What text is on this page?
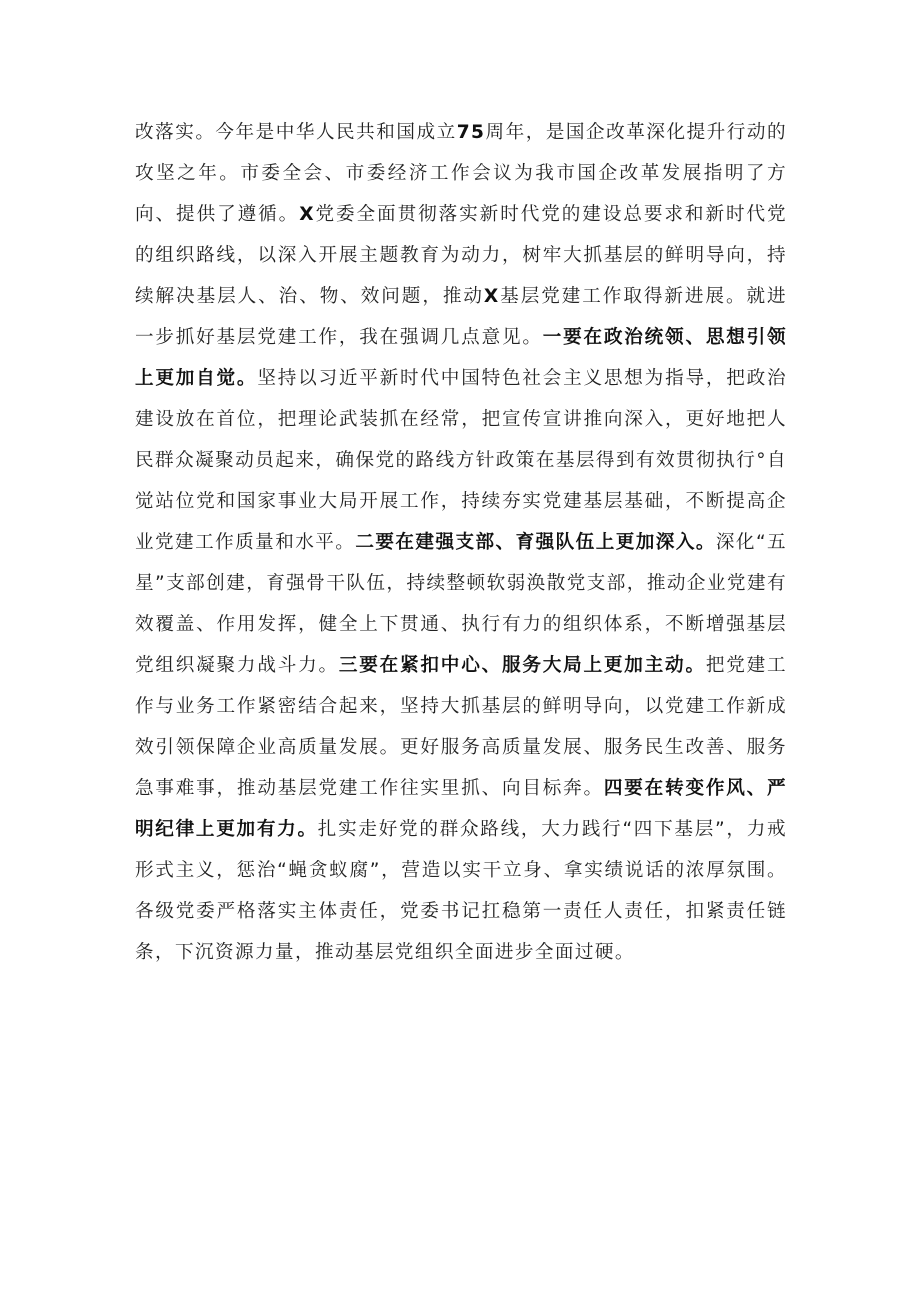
改落实。今年是中华人民共和国成立75周年，是国企改革深化提升行动的攻坚之年。市委全会、市委经济工作会议为我市国企改革发展指明了方向、提供了遵循。X党委全面贯彻落实新时代党的建设总要求和新时代党的组织路线，以深入开展主题教育为动力，树牢大抓基层的鲜明导向，持续解决基层人、治、物、效问题，推动X基层党建工作取得新进展。就进一步抓好基层党建工作，我在强调几点意见。一要在政治统领、思想引领上更加自觉。坚持以习近平新时代中国特色社会主义思想为指导，把政治建设放在首位，把理论武装抓在经常，把宣传宣讲推向深入，更好地把人民群众凝聚动员起来，确保党的路线方针政策在基层得到有效贯彻执行°自觉站位党和国家事业大局开展工作，持续夯实党建基层基础，不断提高企业党建工作质量和水平。二要在建强支部、育强队伍上更加深入。深化“五星”支部创建，育强骨干队伍，持续整顿软弱涣散党支部，推动企业党建有效覆盖、作用发挥，健全上下贯通、执行有力的组织体系，不断增强基层党组织凝聚力战斗力。三要在紧扣中心、服务大局上更加主动。把党建工作与业务工作紧密结合起来，坚持大抓基层的鲜明导向，以党建工作新成效引领保障企业高质量发展。更好服务高质量发展、服务民生改善、服务急事难事，推动基层党建工作往实里抓、向目标奔。四要在转变作风、严明纪律上更加有力。扎实走好党的群众路线，大力践行“四下基层”，力戒形式主义，惩治“蝇贪蚁腐”，营造以实干立身、拿实绩说话的浓厚氛围。各级党委严格落实主体责任，党委书记扛稳第一责任人责任，扣紧责任链条，下沉资源力量，推动基层党组织全面进步全面过硬。
